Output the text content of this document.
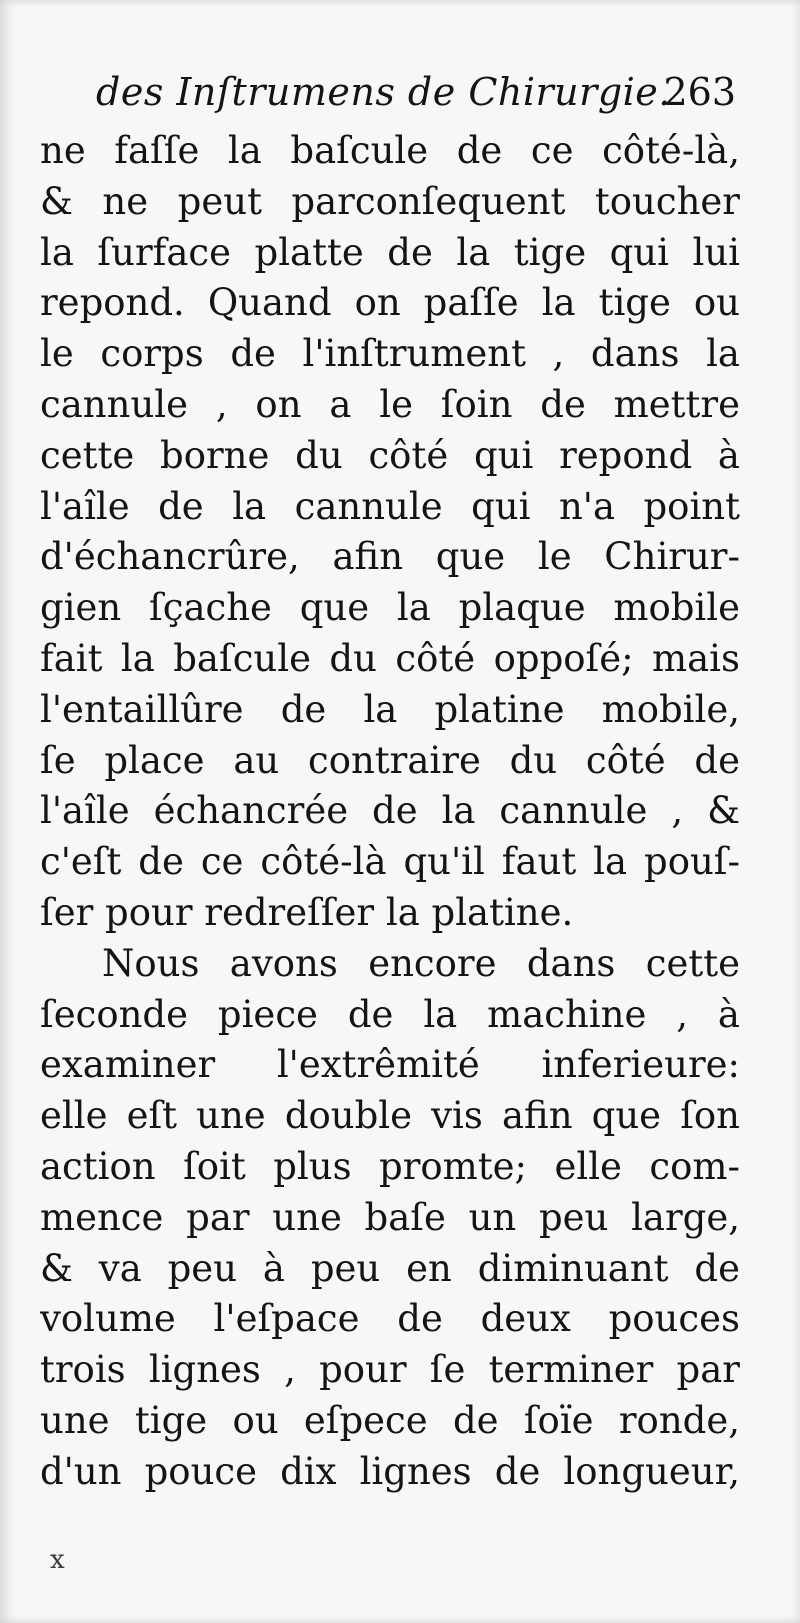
des Inſtrumens de Chirurgie.
263
ne faſſe la baſcule de ce côté-là,
& ne peut parconſequent toucher
la ſurface platte de la tige qui lui
repond. Quand on paſſe la tige ou
le corps de l'inſtrument , dans la
cannule , on a le ſoin de mettre
cette borne du côté qui repond à
l'aîle de la cannule qui n'a point
d'échancrûre, afin que le Chirur-
gien ſçache que la plaque mobile
fait la baſcule du côté oppoſé; mais
l'entaillûre de la platine mobile,
ſe place au contraire du côté de
l'aîle échancrée de la cannule , &
c'eſt de ce côté-là qu'il faut la pouſ-
ſer pour redreſſer la platine.
Nous avons encore dans cette
ſeconde piece de la machine , à
examiner l'extrêmité inferieure:
elle eſt une double vis afin que ſon
action ſoit plus promte; elle com-
mence par une baſe un peu large,
& va peu à peu en diminuant de
volume l'eſpace de deux pouces
trois lignes , pour ſe terminer par
une tige ou eſpece de ſoïe ronde,
d'un pouce dix lignes de longueur,
x
